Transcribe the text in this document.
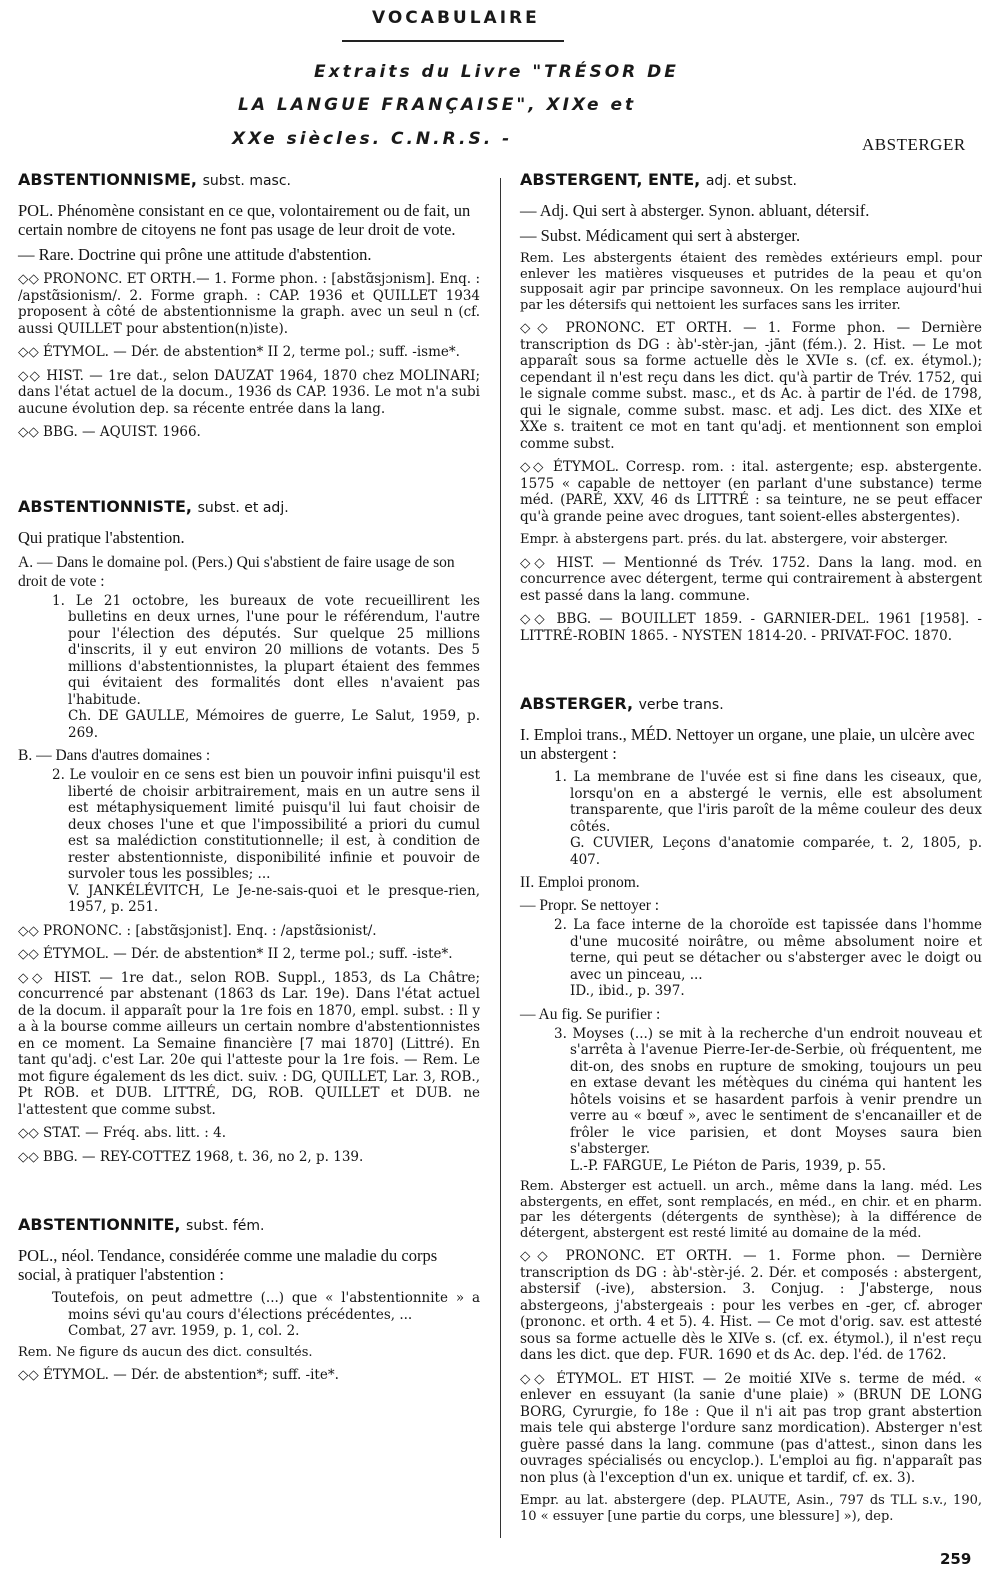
VOCABULAIRE
Extraits du Livre "TRÉSOR DE
LA LANGUE FRANÇAISE", XIXe et
XXe siècles. C.N.R.S. -	ABSTERGER
ABSTENTIONNISME, subst. masc.
POL. Phénomène consistant en ce que, volontairement ou de fait, un certain nombre de citoyens ne font pas usage de leur droit de vote.
— Rare. Doctrine qui prône une attitude d'abstention.
◇◇ PRONONC. ET ORTH.— 1. Forme phon. : [abstɑ̃sjɔnism]. Enq. : /apstɑ̃sionism/. 2. Forme graph. : CAP. 1936 et QUILLET 1934 proposent à côté de abstentionnisme la graph. avec un seul n (cf. aussi QUILLET pour abstention(n)iste).
◇◇ ÉTYMOL. — Dér. de abstention* II 2, terme pol.; suff. -isme*.
◇◇ HIST. — 1re dat., selon DAUZAT 1964, 1870 chez MOLINARI; dans l'état actuel de la docum., 1936 ds CAP. 1936. Le mot n'a subi aucune évolution dep. sa récente entrée dans la lang.
◇◇ BBG. — AQUIST. 1966.
ABSTENTIONNISTE, subst. et adj.
Qui pratique l'abstention.
A. — Dans le domaine pol. (Pers.) Qui s'abstient de faire usage de son droit de vote :
1. Le 21 octobre, les bureaux de vote recueillirent les bulletins en deux urnes, l'une pour le référendum, l'autre pour l'élection des députés. Sur quelque 25 millions d'inscrits, il y eut environ 20 millions de votants. Des 5 millions d'abstentionnistes, la plupart étaient des femmes qui évitaient des formalités dont elles n'avaient pas l'habitude.
Ch. DE GAULLE, Mémoires de guerre, Le Salut, 1959, p. 269.
B. — Dans d'autres domaines :
2. Le vouloir en ce sens est bien un pouvoir infini puisqu'il est liberté de choisir arbitrairement, mais en un autre sens il est métaphysiquement limité puisqu'il lui faut choisir de deux choses l'une et que l'impossibilité a priori du cumul est sa malédiction constitutionnelle; il est, à condition de rester abstentionniste, disponibilité infinie et pouvoir de survoler tous les possibles; ...
V. JANKÉLÉVITCH, Le Je-ne-sais-quoi et le presque-rien, 1957, p. 251.
◇◇ PRONONC. : [abstɑ̃sjɔnist]. Enq. : /apstɑ̃sionist/.
◇◇ ÉTYMOL. — Dér. de abstention* II 2, terme pol.; suff. -iste*.
◇◇ HIST. — 1re dat., selon ROB. Suppl., 1853, ds La Châtre; concurrencé par abstenant (1863 ds Lar. 19e). Dans l'état actuel de la docum. il apparaît pour la 1re fois en 1870, empl. subst. : Il y a à la bourse comme ailleurs un certain nombre d'abstentionnistes en ce moment. La Semaine financière [7 mai 1870] (Littré). En tant qu'adj. c'est Lar. 20e qui l'atteste pour la 1re fois. — Rem. Le mot figure également ds les dict. suiv. : DG, QUILLET, Lar. 3, ROB., Pt ROB. et DUB. LITTRÉ, DG, ROB. QUILLET et DUB. ne l'attestent que comme subst.
◇◇ STAT. — Fréq. abs. litt. : 4.
◇◇ BBG. — REY-COTTEZ 1968, t. 36, no 2, p. 139.
ABSTENTIONNITE, subst. fém.
POL., néol. Tendance, considérée comme une maladie du corps social, à pratiquer l'abstention :
Toutefois, on peut admettre (...) que « l'abstentionnite » a moins sévi qu'au cours d'élections précédentes, ...
Combat, 27 avr. 1959, p. 1, col. 2.
Rem. Ne figure ds aucun des dict. consultés.
◇◇ ÉTYMOL. — Dér. de abstention*; suff. -ite*.
ABSTERGENT, ENTE, adj. et subst.
— Adj. Qui sert à absterger. Synon. abluant, détersif.
— Subst. Médicament qui sert à absterger.
Rem. Les abstergents étaient des remèdes extérieurs empl. pour enlever les matières visqueuses et putrides de la peau et qu'on supposait agir par principe savonneux. On les remplace aujourd'hui par les détersifs qui nettoient les surfaces sans les irriter.
◇◇ PRONONC. ET ORTH. — 1. Forme phon. — Dernière transcription ds DG : àb'-stèr-jan, -jānt (fém.). 2. Hist. — Le mot apparaît sous sa forme actuelle dès le XVIe s. (cf. ex. étymol.); cependant il n'est reçu dans les dict. qu'à partir de Trév. 1752, qui le signale comme subst. masc., et ds Ac. à partir de l'éd. de 1798, qui le signale, comme subst. masc. et adj. Les dict. des XIXe et XXe s. traitent ce mot en tant qu'adj. et mentionnent son emploi comme subst.
◇◇ ÉTYMOL. Corresp. rom. : ital. astergente; esp. abstergente. 1575 « capable de nettoyer (en parlant d'une substance) terme méd. (PARÉ, XXV, 46 ds LITTRÉ : sa teinture, ne se peut effacer qu'à grande peine avec drogues, tant soient-elles abstergentes).
Empr. à abstergens part. prés. du lat. abstergere, voir absterger.
◇◇ HIST. — Mentionné ds Trév. 1752. Dans la lang. mod. en concurrence avec détergent, terme qui contrairement à abstergent est passé dans la lang. commune.
◇◇ BBG. — BOUILLET 1859. - GARNIER-DEL. 1961 [1958]. - LITTRÉ-ROBIN 1865. - NYSTEN 1814-20. - PRIVAT-FOC. 1870.
ABSTERGER, verbe trans.
I. Emploi trans., MÉD. Nettoyer un organe, une plaie, un ulcère avec un abstergent :
1. La membrane de l'uvée est si fine dans les ciseaux, que, lorsqu'on en a abstergé le vernis, elle est absolument transparente, que l'iris paroît de la même couleur des deux côtés.
G. CUVIER, Leçons d'anatomie comparée, t. 2, 1805, p. 407.
II. Emploi pronom.
— Propr. Se nettoyer :
2. La face interne de la choroïde est tapissée dans l'homme d'une mucosité noirâtre, ou même absolument noire et terne, qui peut se détacher ou s'absterger avec le doigt ou avec un pinceau, ...
ID., ibid., p. 397.
— Au fig. Se purifier :
3. Moyses (...) se mit à la recherche d'un endroit nouveau et s'arrêta à l'avenue Pierre-Ier-de-Serbie, où fréquentent, me dit-on, des snobs en rupture de smoking, toujours un peu en extase devant les métèques du cinéma qui hantent les hôtels voisins et se hasardent parfois à venir prendre un verre au « bœuf », avec le sentiment de s'encanailler et de frôler le vice parisien, et dont Moyses saura bien s'absterger.
L.-P. FARGUE, Le Piéton de Paris, 1939, p. 55.
Rem. Absterger est actuell. un arch., même dans la lang. méd. Les abstergents, en effet, sont remplacés, en méd., en chir. et en pharm. par les détergents (détergents de synthèse); à la différence de détergent, abstergent est resté limité au domaine de la méd.
◇◇ PRONONC. ET ORTH. — 1. Forme phon. — Dernière transcription ds DG : àb'-stèr-jé. 2. Dér. et composés : abstergent, abstersif (-ive), abstersion. 3. Conjug. : J'absterge, nous abstergeons, j'abstergeais : pour les verbes en -ger, cf. abroger (prononc. et orth. 4 et 5). 4. Hist. — Ce mot d'orig. sav. est attesté sous sa forme actuelle dès le XIVe s. (cf. ex. étymol.), il n'est reçu dans les dict. que dep. FUR. 1690 et ds Ac. dep. l'éd. de 1762.
◇◇ ÉTYMOL. ET HIST. — 2e moitié XIVe s. terme de méd. « enlever en essuyant (la sanie d'une plaie) » (BRUN DE LONG BORG, Cyrurgie, fo 18e : Que il n'i ait pas trop grant abstertion mais tele qui absterge l'ordure sanz mordication). Absterger n'est guère passé dans la lang. commune (pas d'attest., sinon dans les ouvrages spécialisés ou encyclop.). L'emploi au fig. n'apparaît pas non plus (à l'exception d'un ex. unique et tardif, cf. ex. 3).
Empr. au lat. abstergere (dep. PLAUTE, Asin., 797 ds TLL s.v., 190, 10 « essuyer [une partie du corps, une blessure] »), dep.
259
